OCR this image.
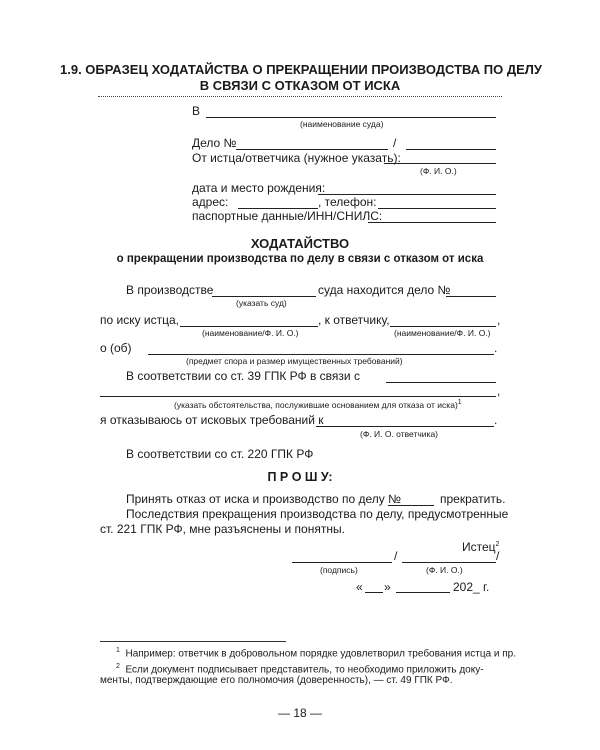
1.9. ОБРАЗЕЦ ХОДАТАЙСТВА О ПРЕКРАЩЕНИИ ПРОИЗВОДСТВА ПО ДЕЛУ
В СВЯЗИ С ОТКАЗОМ ОТ ИСКА
В
(наименование суда)
Дело №	/
От истца/ответчика (нужное указать):
(Ф. И. О.)
дата и место рождения:
адрес:	, телефон:
паспортные данные/ИНН/СНИЛС:
ХОДАТАЙСТВО
о прекращении производства по делу в связи с отказом от иска
В производстве	суда находится дело №
(указать суд)
по иску истца,	, к ответчику,	,
(наименование/Ф. И. О.)	(наименование/Ф. И. О.)
о (об)	.
(предмет спора и размер имущественных требований)
В соответствии со ст. 39 ГПК РФ в связи с
,
(указать обстоятельства, послужившие основанием для отказа от иска)$^1$
я отказываюсь от исковых требований к	.
(Ф. И. О. ответчика)
В соответствии со ст. 220 ГПК РФ
П Р О Ш У:
Принять отказ от иска и производство по делу №	прекратить.
Последствия прекращения производства по делу, предусмотренные
ст. 221 ГПК РФ, мне разъяснены и понятны.
Истец$^2$
/	/
(подпись)	(Ф. И. О.)
« »	202_ г.
$^1$ Например: ответчик в добровольном порядке удовлетворил требования истца и пр.
$^2$ Если документ подписывает представитель, то необходимо приложить доку-
менты, подтверждающие его полномочия (доверенность), — ст. 49 ГПК РФ.
— 18 —
